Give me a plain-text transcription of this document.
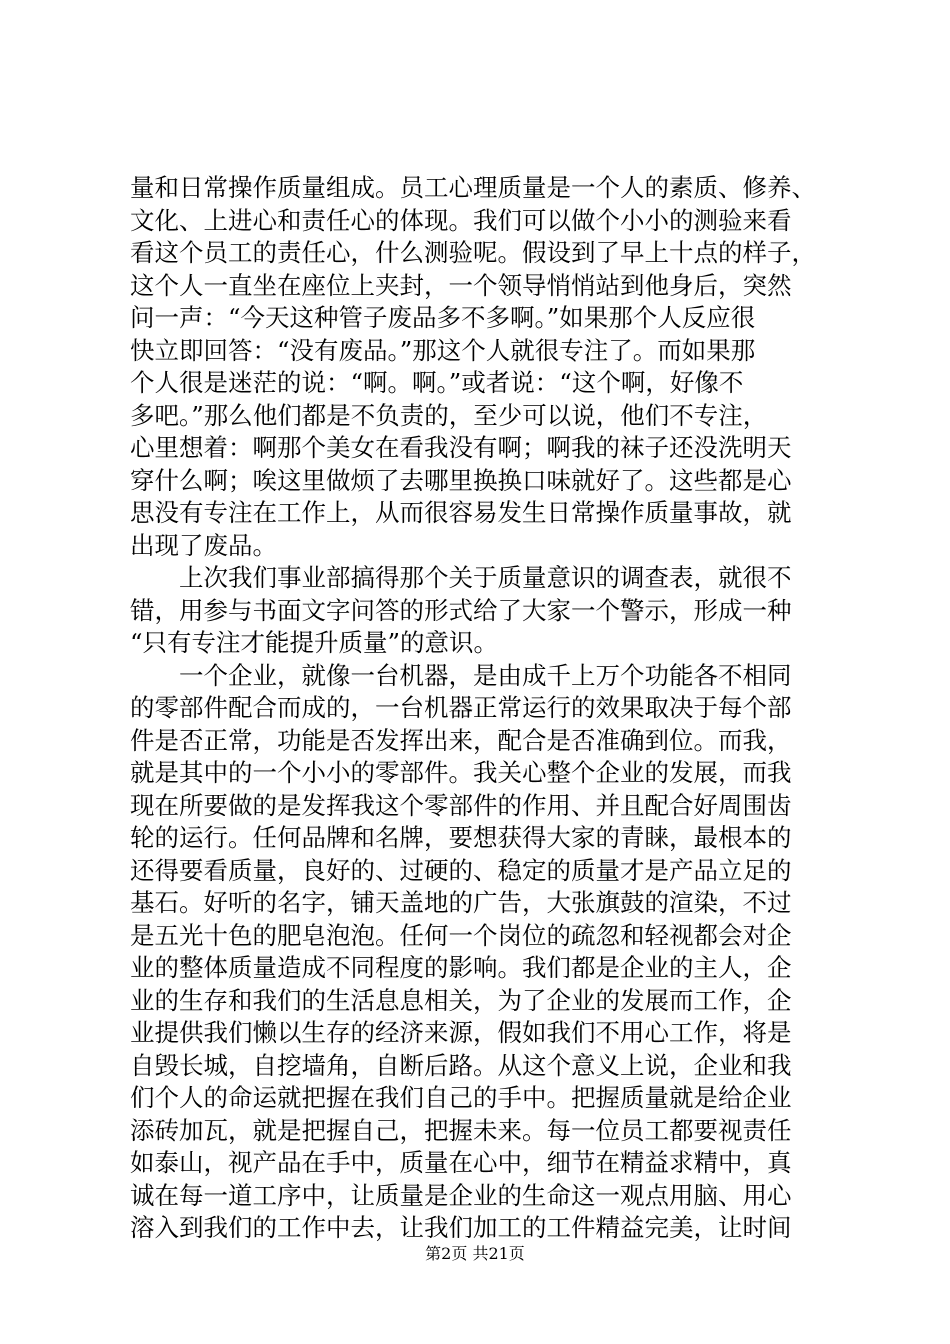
量和日常操作质量组成。员工心理质量是一个人的素质、修养、
文化、上进心和责任心的体现。我们可以做个小小的测验来看
看这个员工的责任心，什么测验呢。假设到了早上十点的样子，
这个人一直坐在座位上夹封，一个领导悄悄站到他身后，突然
问一声：“今天这种管子废品多不多啊。”如果那个人反应很
快立即回答：“没有废品。”那这个人就很专注了。而如果那
个人很是迷茫的说：“啊。啊。”或者说：“这个啊，好像不
多吧。”那么他们都是不负责的，至少可以说，他们不专注，
心里想着：啊那个美女在看我没有啊；啊我的袜子还没洗明天
穿什么啊；唉这里做烦了去哪里换换口味就好了。这些都是心
思没有专注在工作上，从而很容易发生日常操作质量事故，就
出现了废品。
上次我们事业部搞得那个关于质量意识的调查表，就很不
错，用参与书面文字问答的形式给了大家一个警示，形成一种
“只有专注才能提升质量”的意识。
一个企业，就像一台机器，是由成千上万个功能各不相同
的零部件配合而成的，一台机器正常运行的效果取决于每个部
件是否正常，功能是否发挥出来，配合是否准确到位。而我，
就是其中的一个小小的零部件。我关心整个企业的发展，而我
现在所要做的是发挥我这个零部件的作用、并且配合好周围齿
轮的运行。任何品牌和名牌，要想获得大家的青睐，最根本的
还得要看质量，良好的、过硬的、稳定的质量才是产品立足的
基石。好听的名字，铺天盖地的广告，大张旗鼓的渲染，不过
是五光十色的肥皂泡泡。任何一个岗位的疏忽和轻视都会对企
业的整体质量造成不同程度的影响。我们都是企业的主人，企
业的生存和我们的生活息息相关，为了企业的发展而工作，企
业提供我们懒以生存的经济来源，假如我们不用心工作，将是
自毁长城，自挖墙角，自断后路。从这个意义上说，企业和我
们个人的命运就把握在我们自己的手中。把握质量就是给企业
添砖加瓦，就是把握自己，把握未来。每一位员工都要视责任
如泰山，视产品在手中，质量在心中，细节在精益求精中，真
诚在每一道工序中，让质量是企业的生命这一观点用脑、用心
溶入到我们的工作中去，让我们加工的工件精益完美，让时间
第2页 共21页
